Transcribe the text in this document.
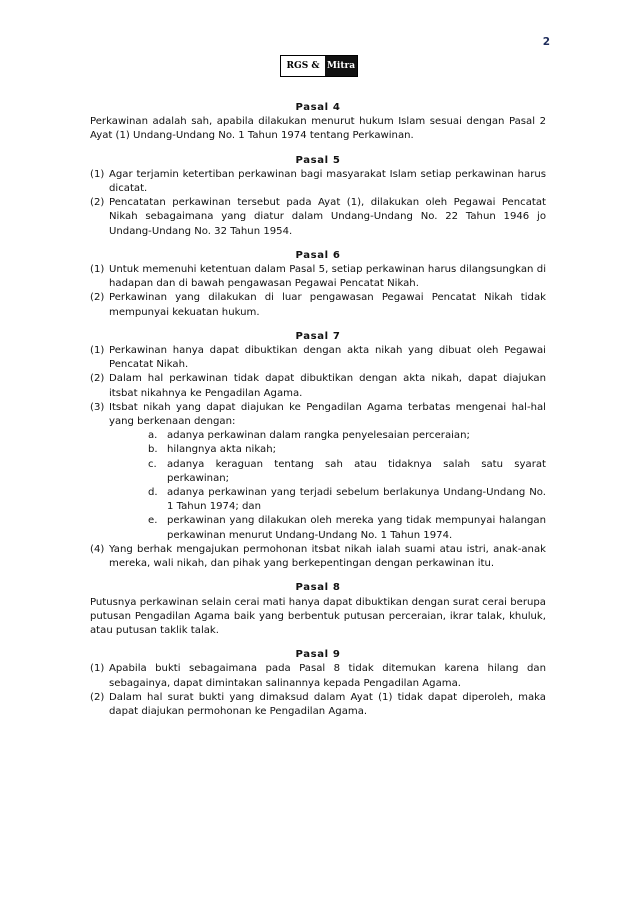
2
RGS & Mitra

Pasal 4

Perkawinan adalah sah, apabila dilakukan menurut hukum Islam sesuai dengan Pasal 2 Ayat (1) Undang-Undang No. 1 Tahun 1974 tentang Perkawinan.

Pasal 5

(1) Agar terjamin ketertiban perkawinan bagi masyarakat Islam setiap perkawinan harus dicatat.
(2) Pencatatan perkawinan tersebut pada Ayat (1), dilakukan oleh Pegawai Pencatat Nikah sebagaimana yang diatur dalam Undang-Undang No. 22 Tahun 1946 jo Undang-Undang No. 32 Tahun 1954.

Pasal 6

(1) Untuk memenuhi ketentuan dalam Pasal 5, setiap perkawinan harus dilangsungkan di hadapan dan di bawah pengawasan Pegawai Pencatat Nikah.
(2) Perkawinan yang dilakukan di luar pengawasan Pegawai Pencatat Nikah tidak mempunyai kekuatan hukum.

Pasal 7

(1) Perkawinan hanya dapat dibuktikan dengan akta nikah yang dibuat oleh Pegawai Pencatat Nikah.
(2) Dalam hal perkawinan tidak dapat dibuktikan dengan akta nikah, dapat diajukan itsbat nikahnya ke Pengadilan Agama.
(3) Itsbat nikah yang dapat diajukan ke Pengadilan Agama terbatas mengenai hal-hal yang berkenaan dengan:
a. adanya perkawinan dalam rangka penyelesaian perceraian;
b. hilangnya akta nikah;
c. adanya keraguan tentang sah atau tidaknya salah satu syarat perkawinan;
d. adanya perkawinan yang terjadi sebelum berlakunya Undang-Undang No. 1 Tahun 1974; dan
e. perkawinan yang dilakukan oleh mereka yang tidak mempunyai halangan perkawinan menurut Undang-Undang No. 1 Tahun 1974.
(4) Yang berhak mengajukan permohonan itsbat nikah ialah suami atau istri, anak-anak mereka, wali nikah, dan pihak yang berkepentingan dengan perkawinan itu.

Pasal 8

Putusnya perkawinan selain cerai mati hanya dapat dibuktikan dengan surat cerai berupa putusan Pengadilan Agama baik yang berbentuk putusan perceraian, ikrar talak, khuluk, atau putusan taklik talak.

Pasal 9

(1) Apabila bukti sebagaimana pada Pasal 8 tidak ditemukan karena hilang dan sebagainya, dapat dimintakan salinannya kepada Pengadilan Agama.
(2) Dalam hal surat bukti yang dimaksud dalam Ayat (1) tidak dapat diperoleh, maka dapat diajukan permohonan ke Pengadilan Agama.
